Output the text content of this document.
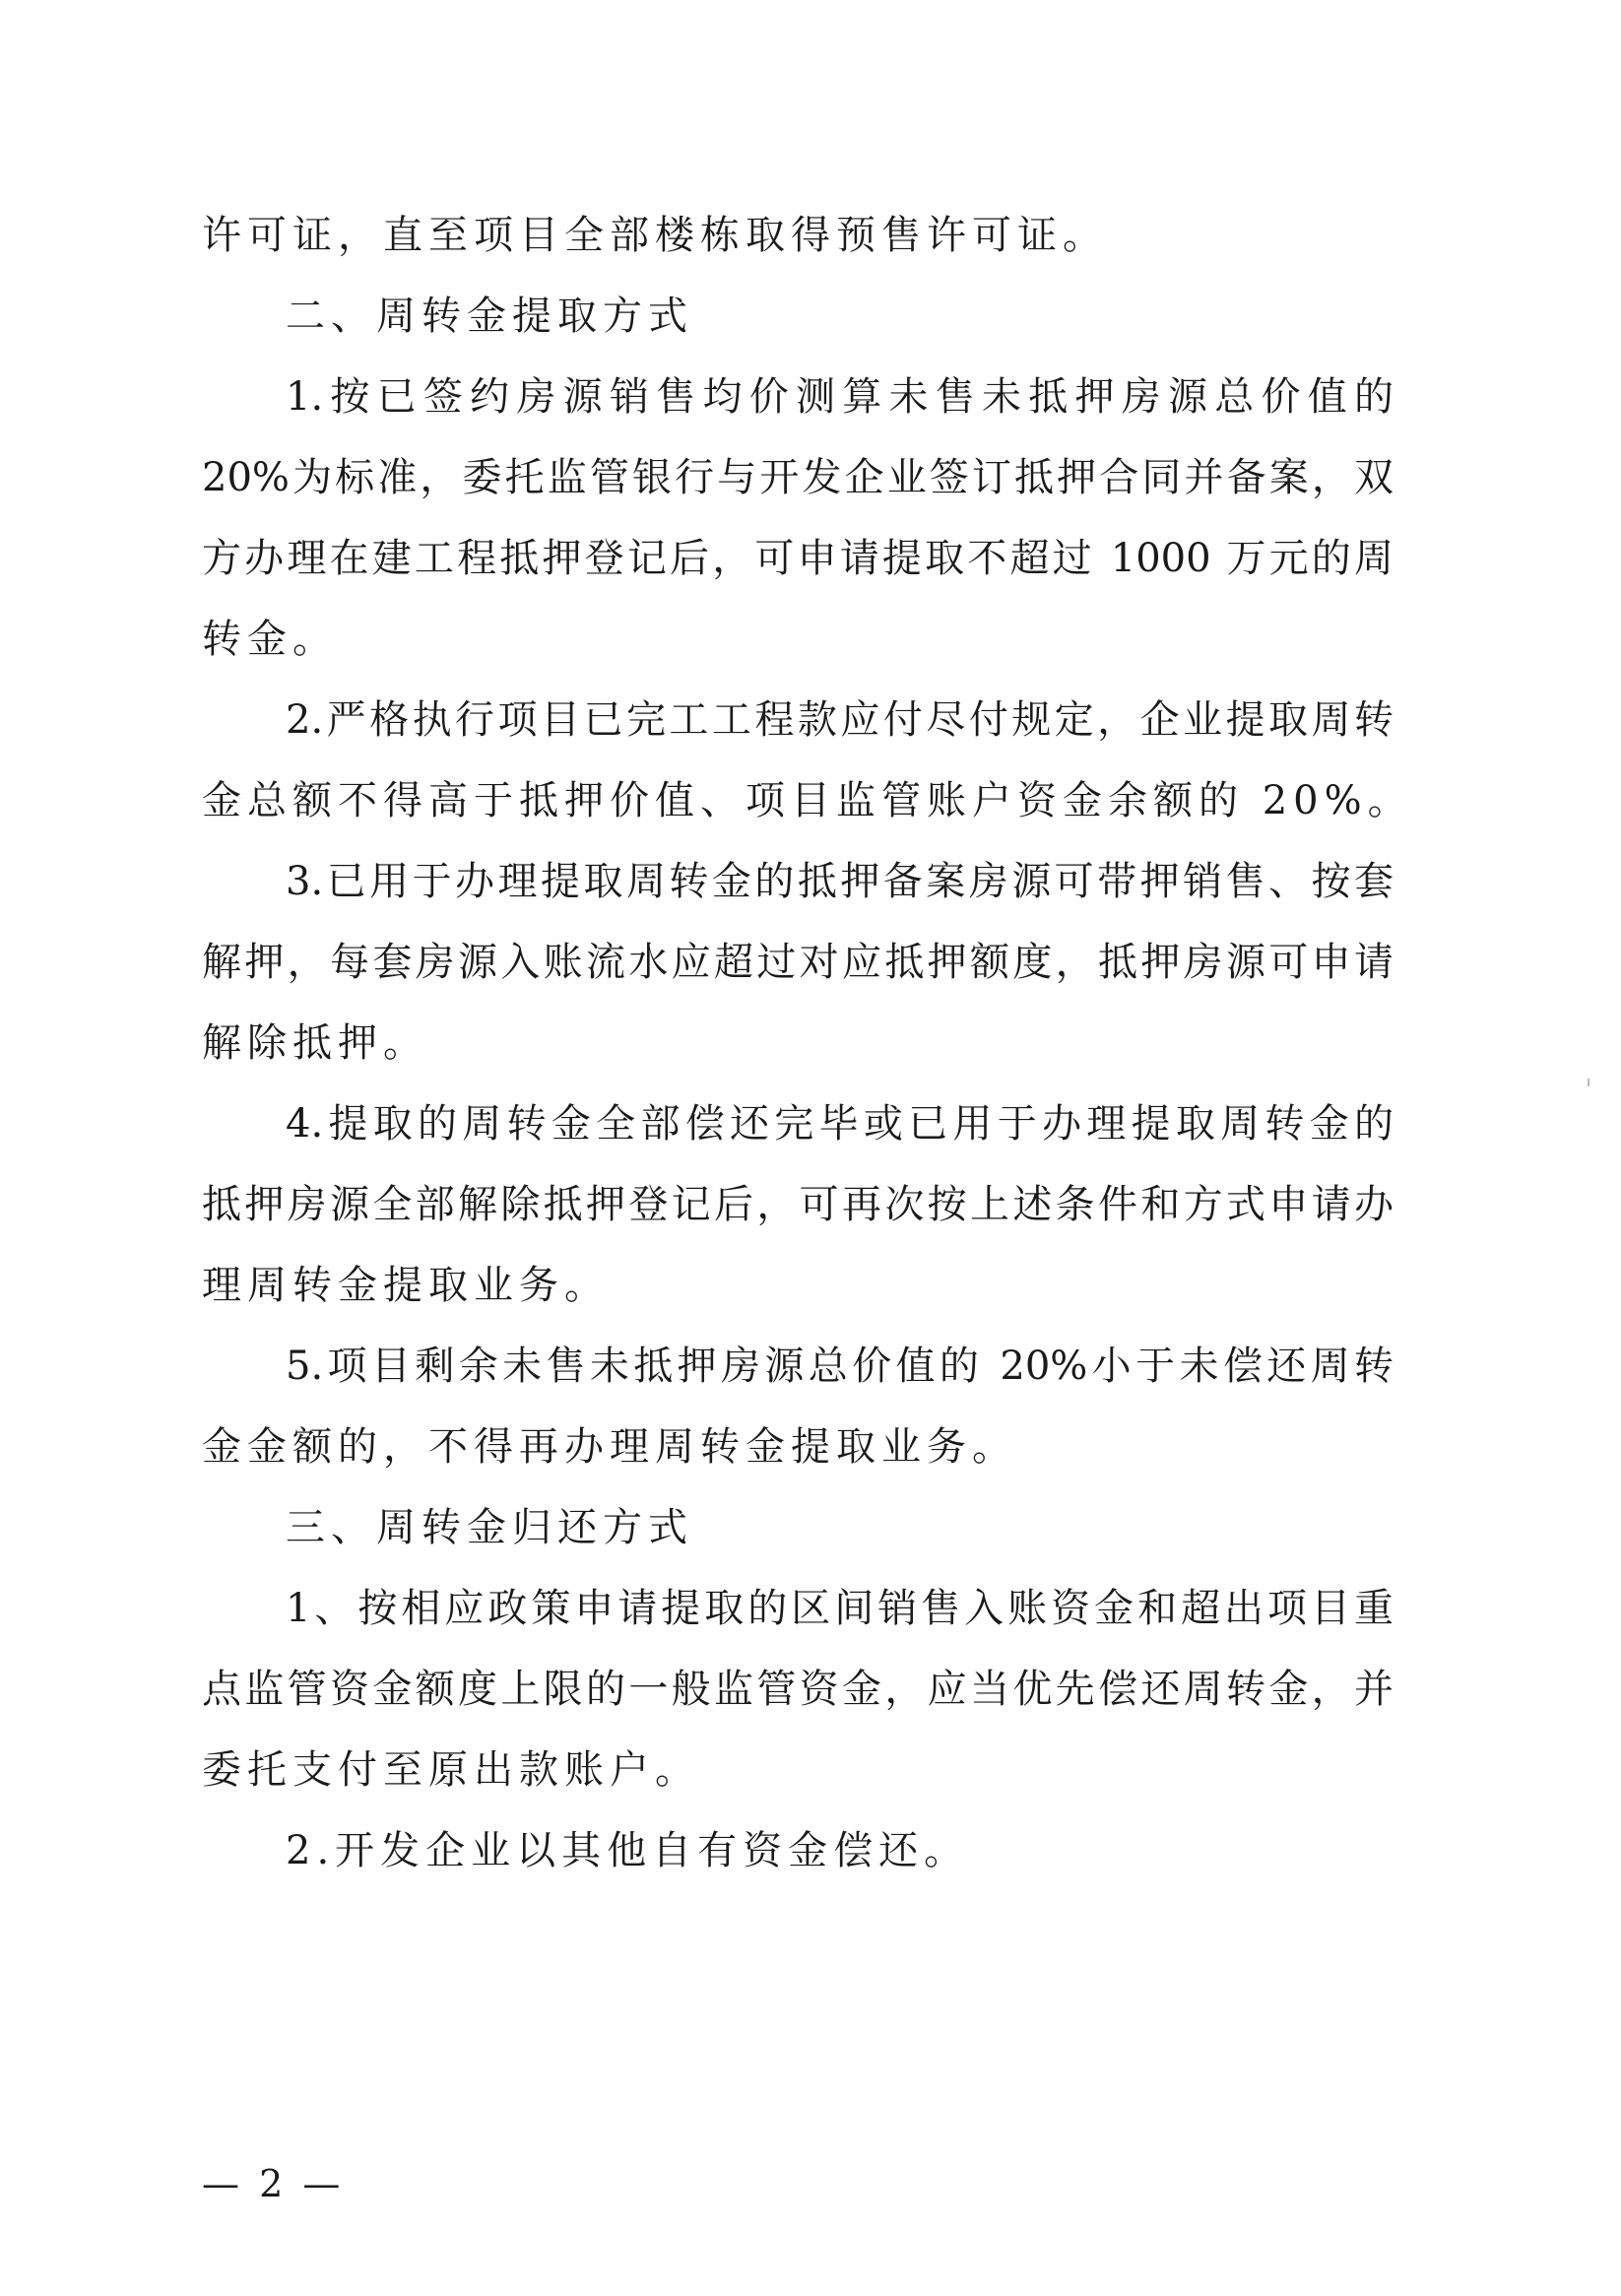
许可证，直至项目全部楼栋取得预售许可证。
二、周转金提取方式
1.按已签约房源销售均价测算未售未抵押房源总价值的
20%为标准，委托监管银行与开发企业签订抵押合同并备案，双
方办理在建工程抵押登记后，可申请提取不超过 1000 万元的周
转金。
2.严格执行项目已完工工程款应付尽付规定，企业提取周转
金总额不得高于抵押价值、项目监管账户资金余额的 20%。
3.已用于办理提取周转金的抵押备案房源可带押销售、按套
解押，每套房源入账流水应超过对应抵押额度，抵押房源可申请
解除抵押。
4.提取的周转金全部偿还完毕或已用于办理提取周转金的
抵押房源全部解除抵押登记后，可再次按上述条件和方式申请办
理周转金提取业务。
5.项目剩余未售未抵押房源总价值的 20%小于未偿还周转
金金额的，不得再办理周转金提取业务。
三、周转金归还方式
1、按相应政策申请提取的区间销售入账资金和超出项目重
点监管资金额度上限的一般监管资金，应当优先偿还周转金，并
委托支付至原出款账户。
2.开发企业以其他自有资金偿还。
— 2 —
